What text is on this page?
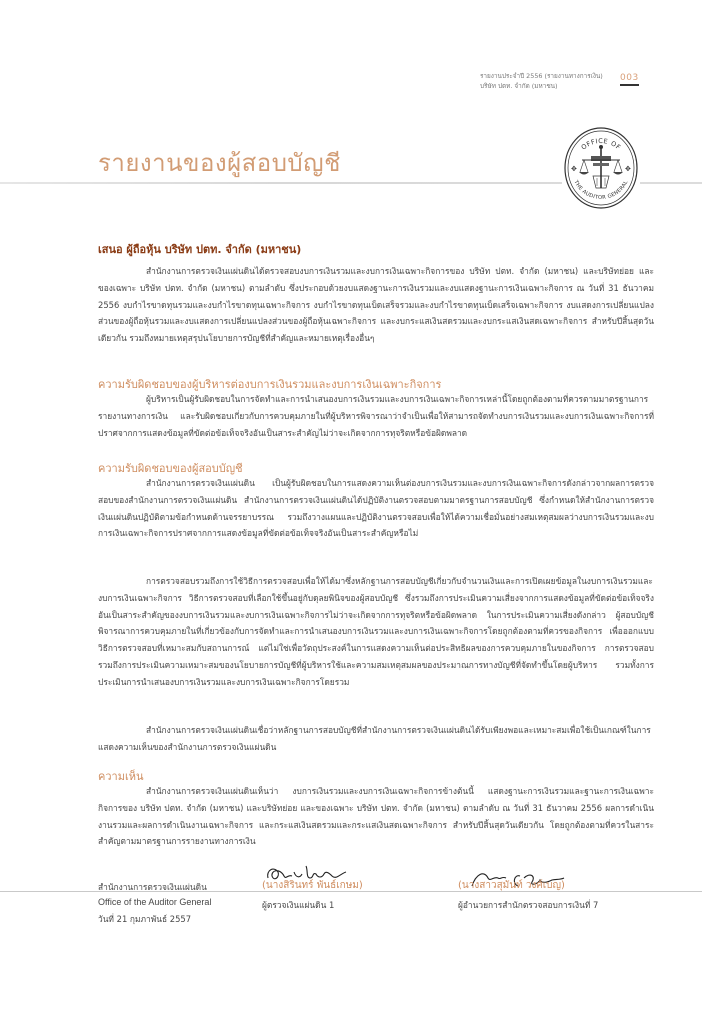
รายงานประจำปี 2556 (รายงานทางการเงิน)
บริษัท ปตท. จำกัด (มหาชน)
003
รายงานของผู้สอบบัญชี
OFFICE OF
THE AUDITOR GENERAL
✥	✥
เสนอ ผู้ถือหุ้น บริษัท ปตท. จำกัด (มหาชน)
สำนักงานการตรวจเงินแผ่นดินได้ตรวจสอบงบการเงินรวมและงบการเงินเฉพาะกิจการของ บริษัท ปตท. จำกัด (มหาชน) และบริษัทย่อย และของเฉพาะ บริษัท ปตท. จำกัด (มหาชน) ตามลำดับ ซึ่งประกอบด้วยงบแสดงฐานะการเงินรวมและงบแสดงฐานะการเงินเฉพาะกิจการ ณ วันที่ 31 ธันวาคม 2556 งบกำไรขาดทุนรวมและงบกำไรขาดทุนเฉพาะกิจการ งบกำไรขาดทุนเบ็ดเสร็จรวมและงบกำไรขาดทุนเบ็ดเสร็จเฉพาะกิจการ งบแสดงการเปลี่ยนแปลงส่วนของผู้ถือหุ้นรวมและงบแสดงการเปลี่ยนแปลงส่วนของผู้ถือหุ้นเฉพาะกิจการ และงบกระแสเงินสดรวมและงบกระแสเงินสดเฉพาะกิจการ สำหรับปีสิ้นสุดวันเดียวกัน รวมถึงหมายเหตุสรุปนโยบายการบัญชีที่สำคัญและหมายเหตุเรื่องอื่นๆ
ความรับผิดชอบของผู้บริหารต่องบการเงินรวมและงบการเงินเฉพาะกิจการ
ผู้บริหารเป็นผู้รับผิดชอบในการจัดทำและการนำเสนองบการเงินรวมและงบการเงินเฉพาะกิจการเหล่านี้โดยถูกต้องตามที่ควรตามมาตรฐานการรายงานทางการเงิน และรับผิดชอบเกี่ยวกับการควบคุมภายในที่ผู้บริหารพิจารณาว่าจำเป็นเพื่อให้สามารถจัดทำงบการเงินรวมและงบการเงินเฉพาะกิจการที่ปราศจากการแสดงข้อมูลที่ขัดต่อข้อเท็จจริงอันเป็นสาระสำคัญไม่ว่าจะเกิดจากการทุจริตหรือข้อผิดพลาด
ความรับผิดชอบของผู้สอบบัญชี
สำนักงานการตรวจเงินแผ่นดิน เป็นผู้รับผิดชอบในการแสดงความเห็นต่องบการเงินรวมและงบการเงินเฉพาะกิจการดังกล่าวจากผลการตรวจสอบของสำนักงานการตรวจเงินแผ่นดิน สำนักงานการตรวจเงินแผ่นดินได้ปฏิบัติงานตรวจสอบตามมาตรฐานการสอบบัญชี ซึ่งกำหนดให้สำนักงานการตรวจเงินแผ่นดินปฏิบัติตามข้อกำหนดด้านจรรยาบรรณ รวมถึงวางแผนและปฏิบัติงานตรวจสอบเพื่อให้ได้ความเชื่อมั่นอย่างสมเหตุสมผลว่างบการเงินรวมและงบการเงินเฉพาะกิจการปราศจากการแสดงข้อมูลที่ขัดต่อข้อเท็จจริงอันเป็นสาระสำคัญหรือไม่
การตรวจสอบรวมถึงการใช้วิธีการตรวจสอบเพื่อให้ได้มาซึ่งหลักฐานการสอบบัญชีเกี่ยวกับจำนวนเงินและการเปิดเผยข้อมูลในงบการเงินรวมและงบการเงินเฉพาะกิจการ วิธีการตรวจสอบที่เลือกใช้ขึ้นอยู่กับดุลยพินิจของผู้สอบบัญชี ซึ่งรวมถึงการประเมินความเสี่ยงจากการแสดงข้อมูลที่ขัดต่อข้อเท็จจริงอันเป็นสาระสำคัญของงบการเงินรวมและงบการเงินเฉพาะกิจการไม่ว่าจะเกิดจากการทุจริตหรือข้อผิดพลาด ในการประเมินความเสี่ยงดังกล่าว ผู้สอบบัญชีพิจารณาการควบคุมภายในที่เกี่ยวข้องกับการจัดทำและการนำเสนองบการเงินรวมและงบการเงินเฉพาะกิจการโดยถูกต้องตามที่ควรของกิจการ เพื่อออกแบบวิธีการตรวจสอบที่เหมาะสมกับสถานการณ์ แต่ไม่ใช่เพื่อวัตถุประสงค์ในการแสดงความเห็นต่อประสิทธิผลของการควบคุมภายในของกิจการ การตรวจสอบรวมถึงการประเมินความเหมาะสมของนโยบายการบัญชีที่ผู้บริหารใช้และความสมเหตุสมผลของประมาณการทางบัญชีที่จัดทำขึ้นโดยผู้บริหาร รวมทั้งการประเมินการนำเสนองบการเงินรวมและงบการเงินเฉพาะกิจการโดยรวม
สำนักงานการตรวจเงินแผ่นดินเชื่อว่าหลักฐานการสอบบัญชีที่สำนักงานการตรวจเงินแผ่นดินได้รับเพียงพอและเหมาะสมเพื่อใช้เป็นเกณฑ์ในการแสดงความเห็นของสำนักงานการตรวจเงินแผ่นดิน
ความเห็น
สำนักงานการตรวจเงินแผ่นดินเห็นว่า งบการเงินรวมและงบการเงินเฉพาะกิจการข้างต้นนี้ แสดงฐานะการเงินรวมและฐานะการเงินเฉพาะกิจการของ บริษัท ปตท. จำกัด (มหาชน) และบริษัทย่อย และของเฉพาะ บริษัท ปตท. จำกัด (มหาชน) ตามลำดับ ณ วันที่ 31 ธันวาคม 2556 ผลการดำเนินงานรวมและผลการดำเนินงานเฉพาะกิจการ และกระแสเงินสดรวมและกระแสเงินสดเฉพาะกิจการ สำหรับปีสิ้นสุดวันเดียวกัน โดยถูกต้องตามที่ควรในสาระสำคัญตามมาตรฐานการรายงานทางการเงิน
สำนักงานการตรวจเงินแผ่นดิน
Office of the Auditor General
วันที่ 21 กุมภาพันธ์ 2557
(นางสิรินทร์ พันธ์เกษม)
ผู้ตรวจเงินแผ่นดิน 1
(นางสาวสุมันท์ วงศ์เบญ)
ผู้อำนวยการสำนักตรวจสอบการเงินที่ 7
